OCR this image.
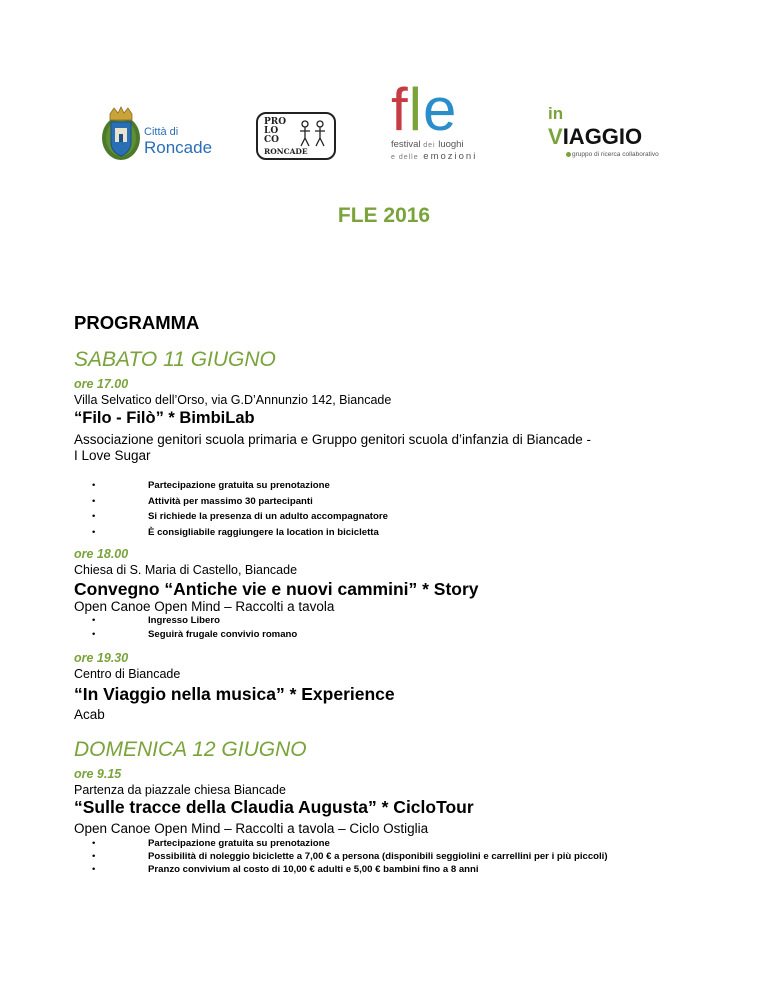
Città di
Roncade
PRO
LO
CO
RONCADE
fle
festival dei luoghi
e delle emozioni
in
VIAGGIO
gruppo di ricerca collaborativo
FLE 2016
PROGRAMMA
SABATO 11 GIUGNO
ore 17.00
Villa Selvatico dell’Orso, via G.D’Annunzio 142, Biancade
“Filo - Filò” * BimbiLab
Associazione genitori scuola primaria e Gruppo genitori scuola d’infanzia di Biancade -
I Love Sugar
•	Partecipazione gratuita su prenotazione
•	Attività per massimo 30 partecipanti
•	Si richiede la presenza di un adulto accompagnatore
•	È consigliabile raggiungere la location in bicicletta
ore 18.00
Chiesa di S. Maria di Castello, Biancade
Convegno “Antiche vie e nuovi cammini” * Story
Open Canoe Open Mind – Raccolti a tavola
•	Ingresso Libero
•	Seguirà frugale convivio romano
ore 19.30
Centro di Biancade
“In Viaggio nella musica” * Experience
Acab
DOMENICA 12 GIUGNO
ore 9.15
Partenza da piazzale chiesa Biancade
“Sulle tracce della Claudia Augusta” * CicloTour
Open Canoe Open Mind – Raccolti a tavola – Ciclo Ostiglia
•	Partecipazione gratuita su prenotazione
•	Possibilità di noleggio biciclette a 7,00 € a persona (disponibili seggiolini e carrellini per i più piccoli)
•	Pranzo convivium al costo di 10,00 € adulti e 5,00 € bambini fino a 8 anni
